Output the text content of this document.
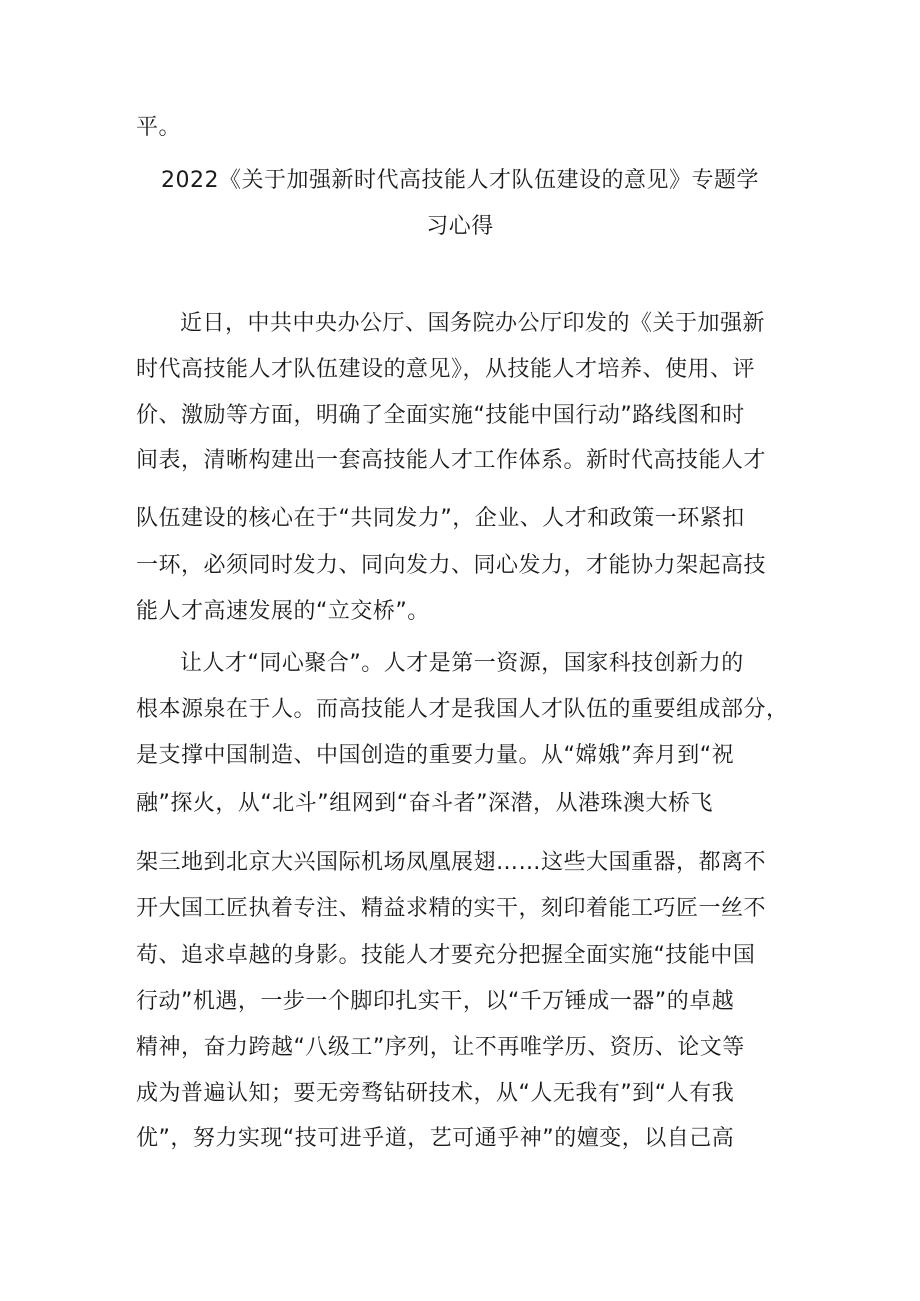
平。
2022《关于加强新时代高技能人才队伍建设的意见》专题学
习心得
近日，中共中央办公厅、国务院办公厅印发的《关于加强新
时代高技能人才队伍建设的意见》，从技能人才培养、使用、评
价、激励等方面，明确了全面实施“技能中国行动”路线图和时
间表，清晰构建出一套高技能人才工作体系。新时代高技能人才
队伍建设的核心在于“共同发力”，企业、人才和政策一环紧扣
一环，必须同时发力、同向发力、同心发力，才能协力架起高技
能人才高速发展的“立交桥”。
让人才“同心聚合”。人才是第一资源，国家科技创新力的
根本源泉在于人。而高技能人才是我国人才队伍的重要组成部分，
是支撑中国制造、中国创造的重要力量。从“嫦娥”奔月到“祝
融”探火，从“北斗”组网到“奋斗者”深潜，从港珠澳大桥飞
架三地到北京大兴国际机场凤凰展翅……这些大国重器，都离不
开大国工匠执着专注、精益求精的实干，刻印着能工巧匠一丝不
苟、追求卓越的身影。技能人才要充分把握全面实施“技能中国
行动”机遇，一步一个脚印扎实干，以“千万锤成一器”的卓越
精神，奋力跨越“八级工”序列，让不再唯学历、资历、论文等
成为普遍认知；要无旁骛钻研技术，从“人无我有”到“人有我
优”，努力实现“技可进乎道，艺可通乎神”的嬗变，以自己高
